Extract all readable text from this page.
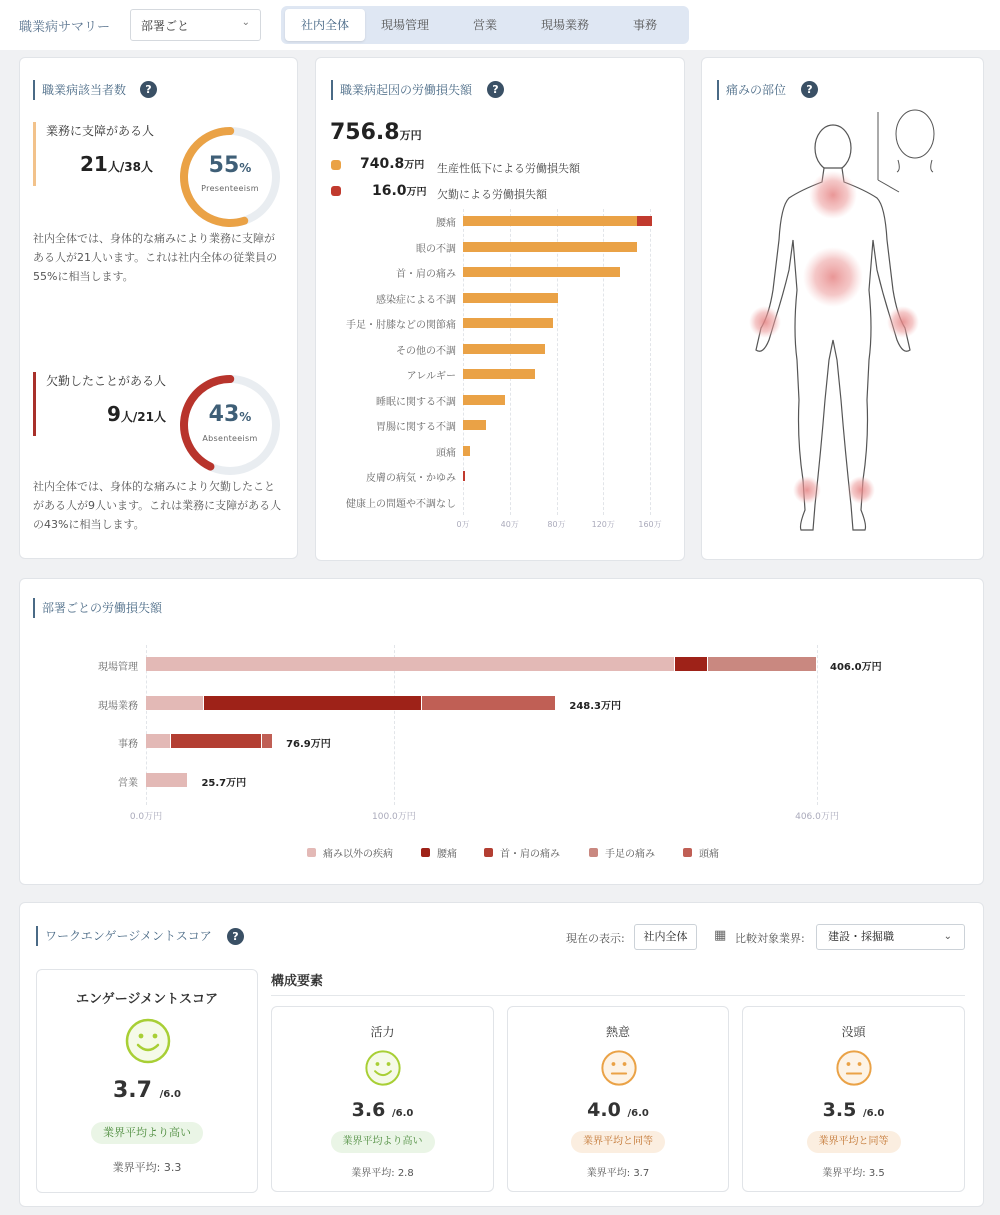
職業病サマリー	部署ごと	⌄	社内全体	現場管理	営業	現場業務	事務
職業病該当者数	?
業務に支障がある人
21人/38人	55%
Presenteeism
社内全体では、身体的な痛みにより業務に支障がある人が21人います。これは社内全体の従業員の55%に相当します。
欠勤したことがある人
9人/21人	43%
Absenteeism
社内全体では、身体的な痛みにより欠勤したことがある人が9人います。これは業務に支障がある人の43%に相当します。
職業病起因の労働損失額	?
756.8万円
740.8万円 生産性低下による労働損失額
16.0万円 欠勤による労働損失額
0万	40万	80万	120万	160万
腰痛
眼の不調
首・肩の痛み
感染症による不調
手足・肘膝などの関節痛
その他の不調
アレルギー
睡眠に関する不調
胃腸に関する不調
頭痛
皮膚の病気・かゆみ
健康上の問題や不調なし
痛みの部位	?
部署ごとの労働損失額
0.0万円	100.0万円	406.0万円
現場管理	406.0万円
現場業務	248.3万円
事務	76.9万円
営業	25.7万円
痛み以外の疾病	腰痛	首・肩の痛み	手足の痛み	頭痛
ワークエンゲージメントスコア	?	現在の表示:	社内全体	▦ 比較対象業界:	建設・採掘職	⌄
エンゲージメントスコア
3.7 /6.0
業界平均より高い
業界平均: 3.3
構成要素
活力
3.6 /6.0
業界平均より高い
業界平均: 2.8
熱意
4.0 /6.0
業界平均と同等
業界平均: 3.7
没頭
3.5 /6.0
業界平均と同等
業界平均: 3.5
